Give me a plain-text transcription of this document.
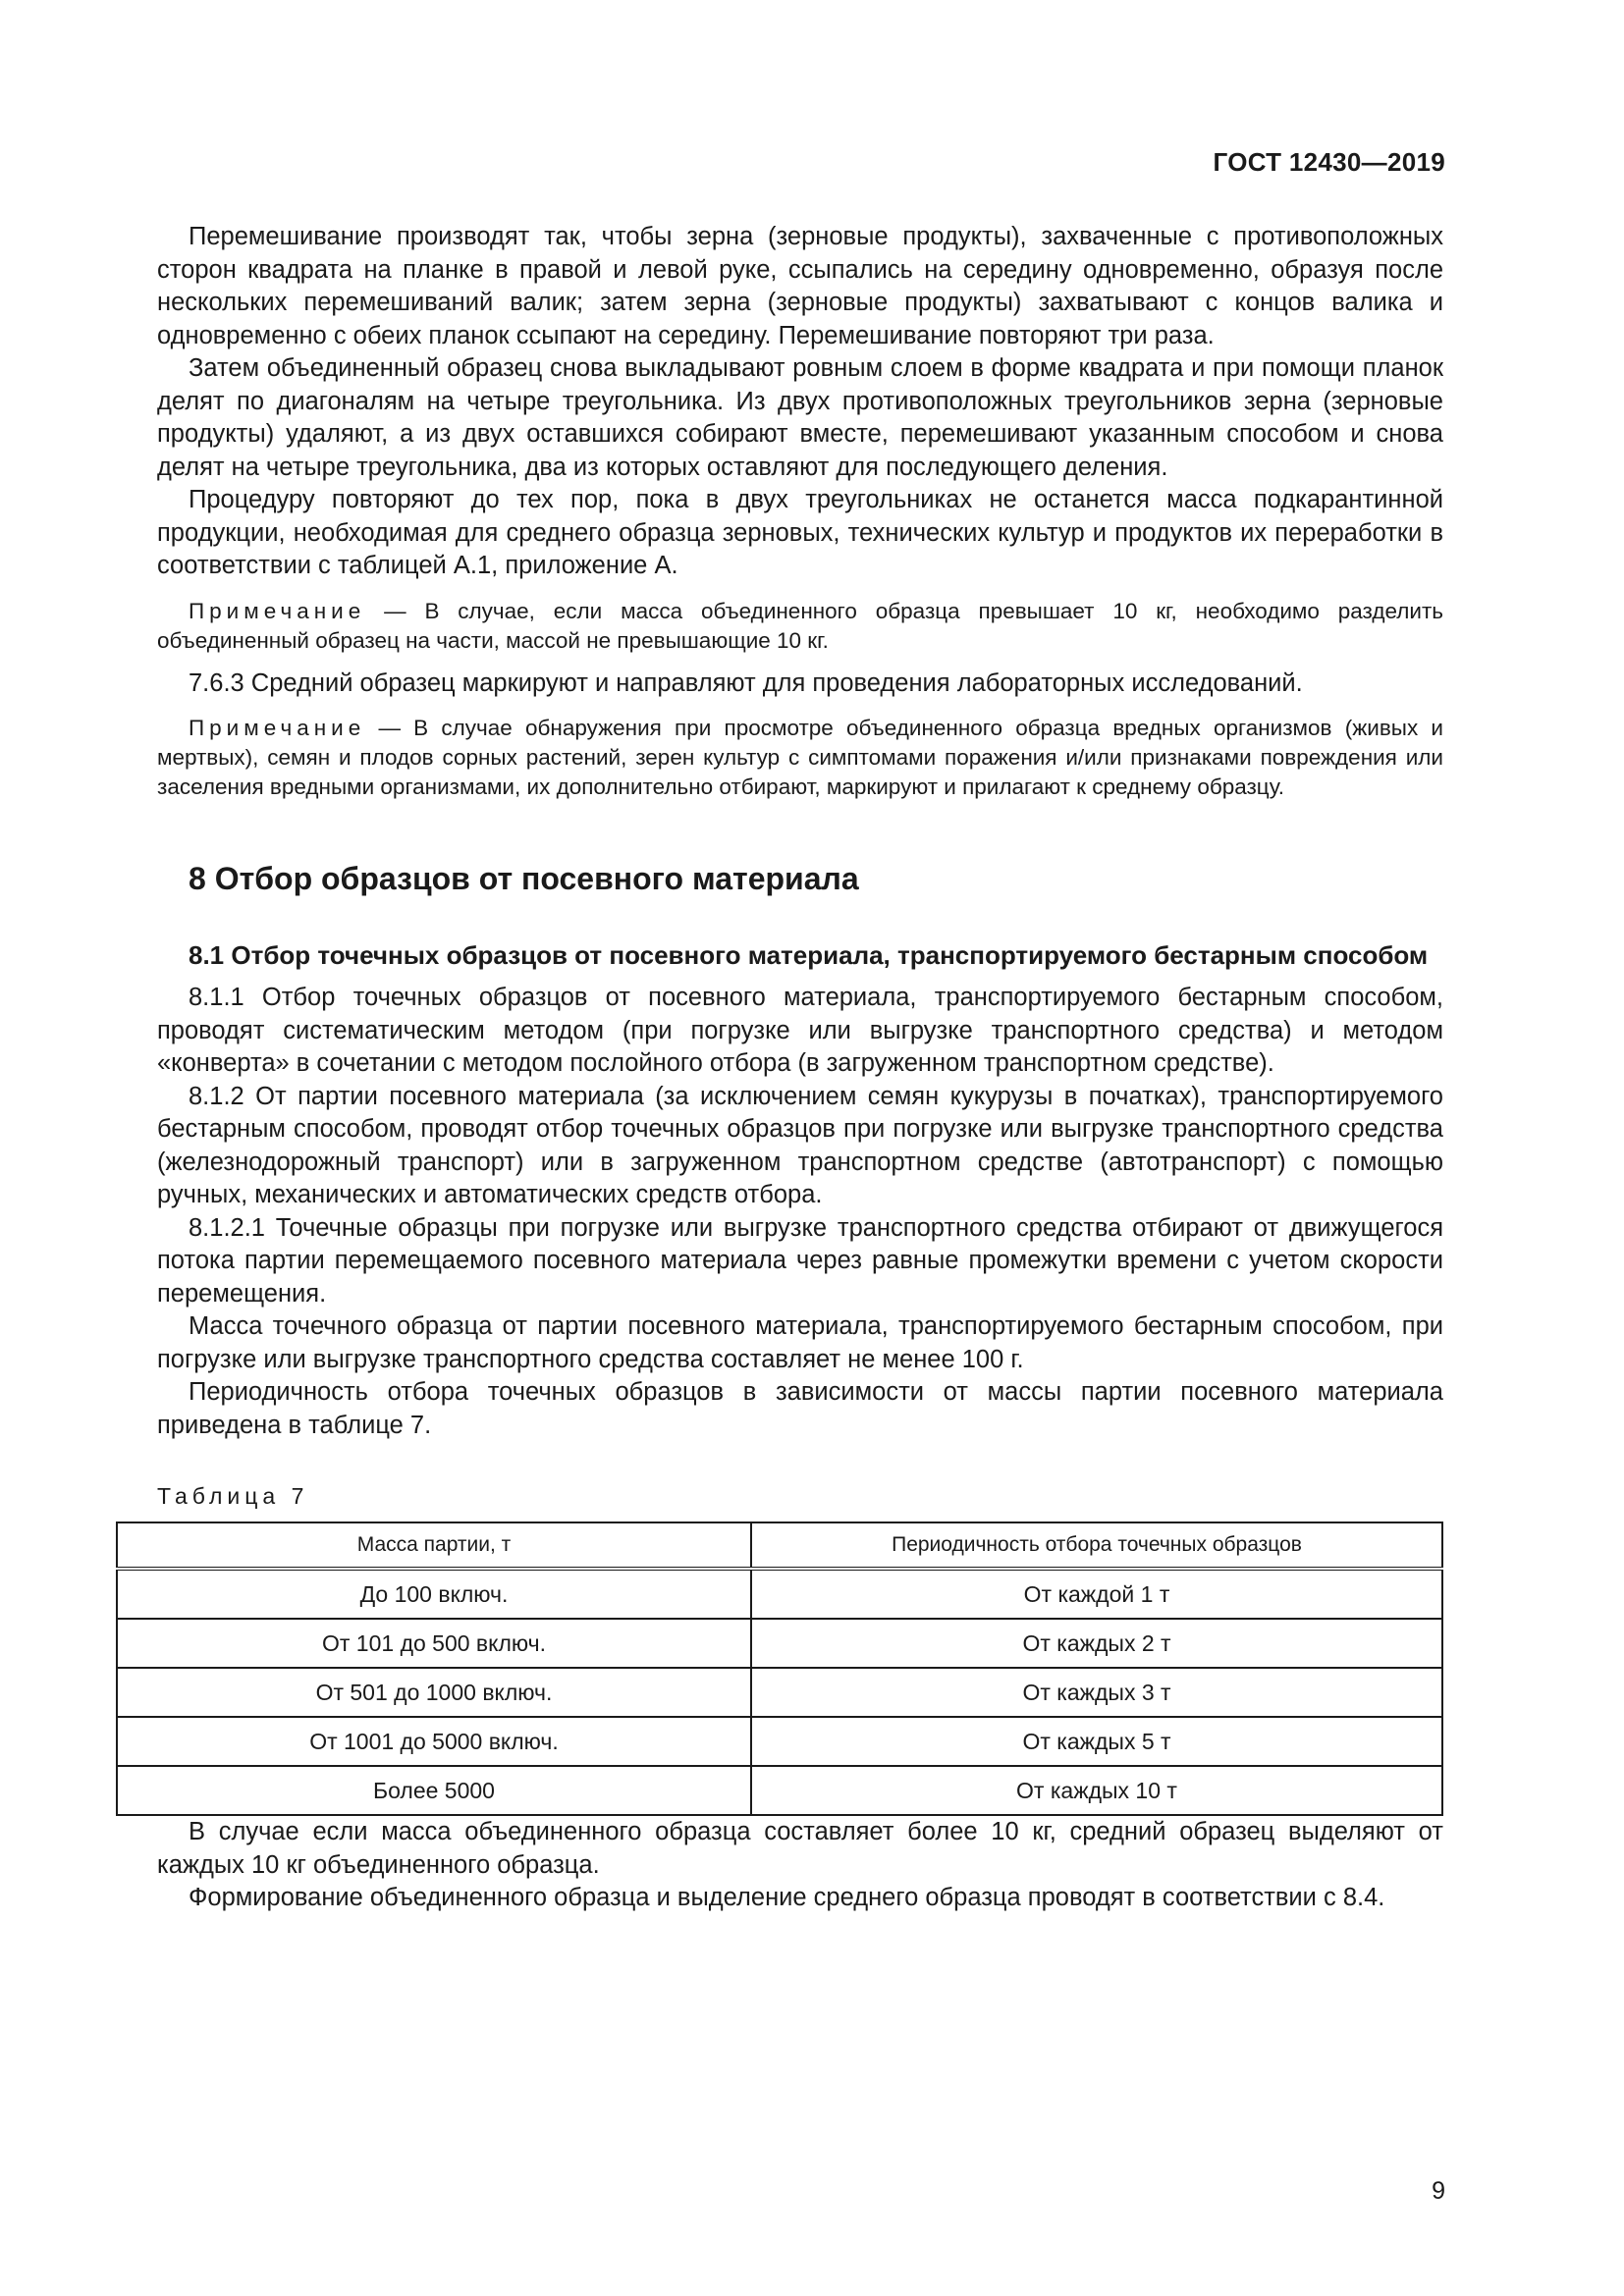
ГОСТ 12430—2019

Перемешивание производят так, чтобы зерна (зерновые продукты), захваченные с противоположных сторон квадрата на планке в правой и левой руке, ссыпались на середину одновременно, образуя после нескольких перемешиваний валик; затем зерна (зерновые продукты) захватывают с концов валика и одновременно с обеих планок ссыпают на середину. Перемешивание повторяют три раза.

Затем объединенный образец снова выкладывают ровным слоем в форме квадрата и при помощи планок делят по диагоналям на четыре треугольника. Из двух противоположных треугольников зерна (зерновые продукты) удаляют, а из двух оставшихся собирают вместе, перемешивают указанным способом и снова делят на четыре треугольника, два из которых оставляют для последующего деления.

Процедуру повторяют до тех пор, пока в двух треугольниках не останется масса подкарантинной продукции, необходимая для среднего образца зерновых, технических культур и продуктов их переработки в соответствии с таблицей А.1, приложение А.

Примечание — В случае, если масса объединенного образца превышает 10 кг, необходимо разделить объединенный образец на части, массой не превышающие 10 кг.

7.6.3 Средний образец маркируют и направляют для проведения лабораторных исследований.

Примечание — В случае обнаружения при просмотре объединенного образца вредных организмов (живых и мертвых), семян и плодов сорных растений, зерен культур с симптомами поражения и/или признаками повреждения или заселения вредными организмами, их дополнительно отбирают, маркируют и прилагают к среднему образцу.

8 Отбор образцов от посевного материала
8.1 Отбор точечных образцов от посевного материала, транспортируемого бестарным способом

8.1.1 Отбор точечных образцов от посевного материала, транспортируемого бестарным способом, проводят систематическим методом (при погрузке или выгрузке транспортного средства) и методом «конверта» в сочетании с методом послойного отбора (в загруженном транспортном средстве).

8.1.2 От партии посевного материала (за исключением семян кукурузы в початках), транспортируемого бестарным способом, проводят отбор точечных образцов при погрузке или выгрузке транспортного средства (железнодорожный транспорт) или в загруженном транспортном средстве (автотранспорт) с помощью ручных, механических и автоматических средств отбора.

8.1.2.1 Точечные образцы при погрузке или выгрузке транспортного средства отбирают от движущегося потока партии перемещаемого посевного материала через равные промежутки времени с учетом скорости перемещения.

Масса точечного образца от партии посевного материала, транспортируемого бестарным способом, при погрузке или выгрузке транспортного средства составляет не менее 100 г.

Периодичность отбора точечных образцов в зависимости от массы партии посевного материала приведена в таблице 7.

Таблица 7
Масса партии, т	Периодичность отбора точечных образцов
До 100 включ.	От каждой 1 т
От 101 до 500 включ.	От каждых 2 т
От 501 до 1000 включ.	От каждых 3 т
От 1001 до 5000 включ.	От каждых 5 т
Более 5000	От каждых 10 т

В случае если масса объединенного образца составляет более 10 кг, средний образец выделяют от каждых 10 кг объединенного образца.

Формирование объединенного образца и выделение среднего образца проводят в соответствии с 8.4.

9
